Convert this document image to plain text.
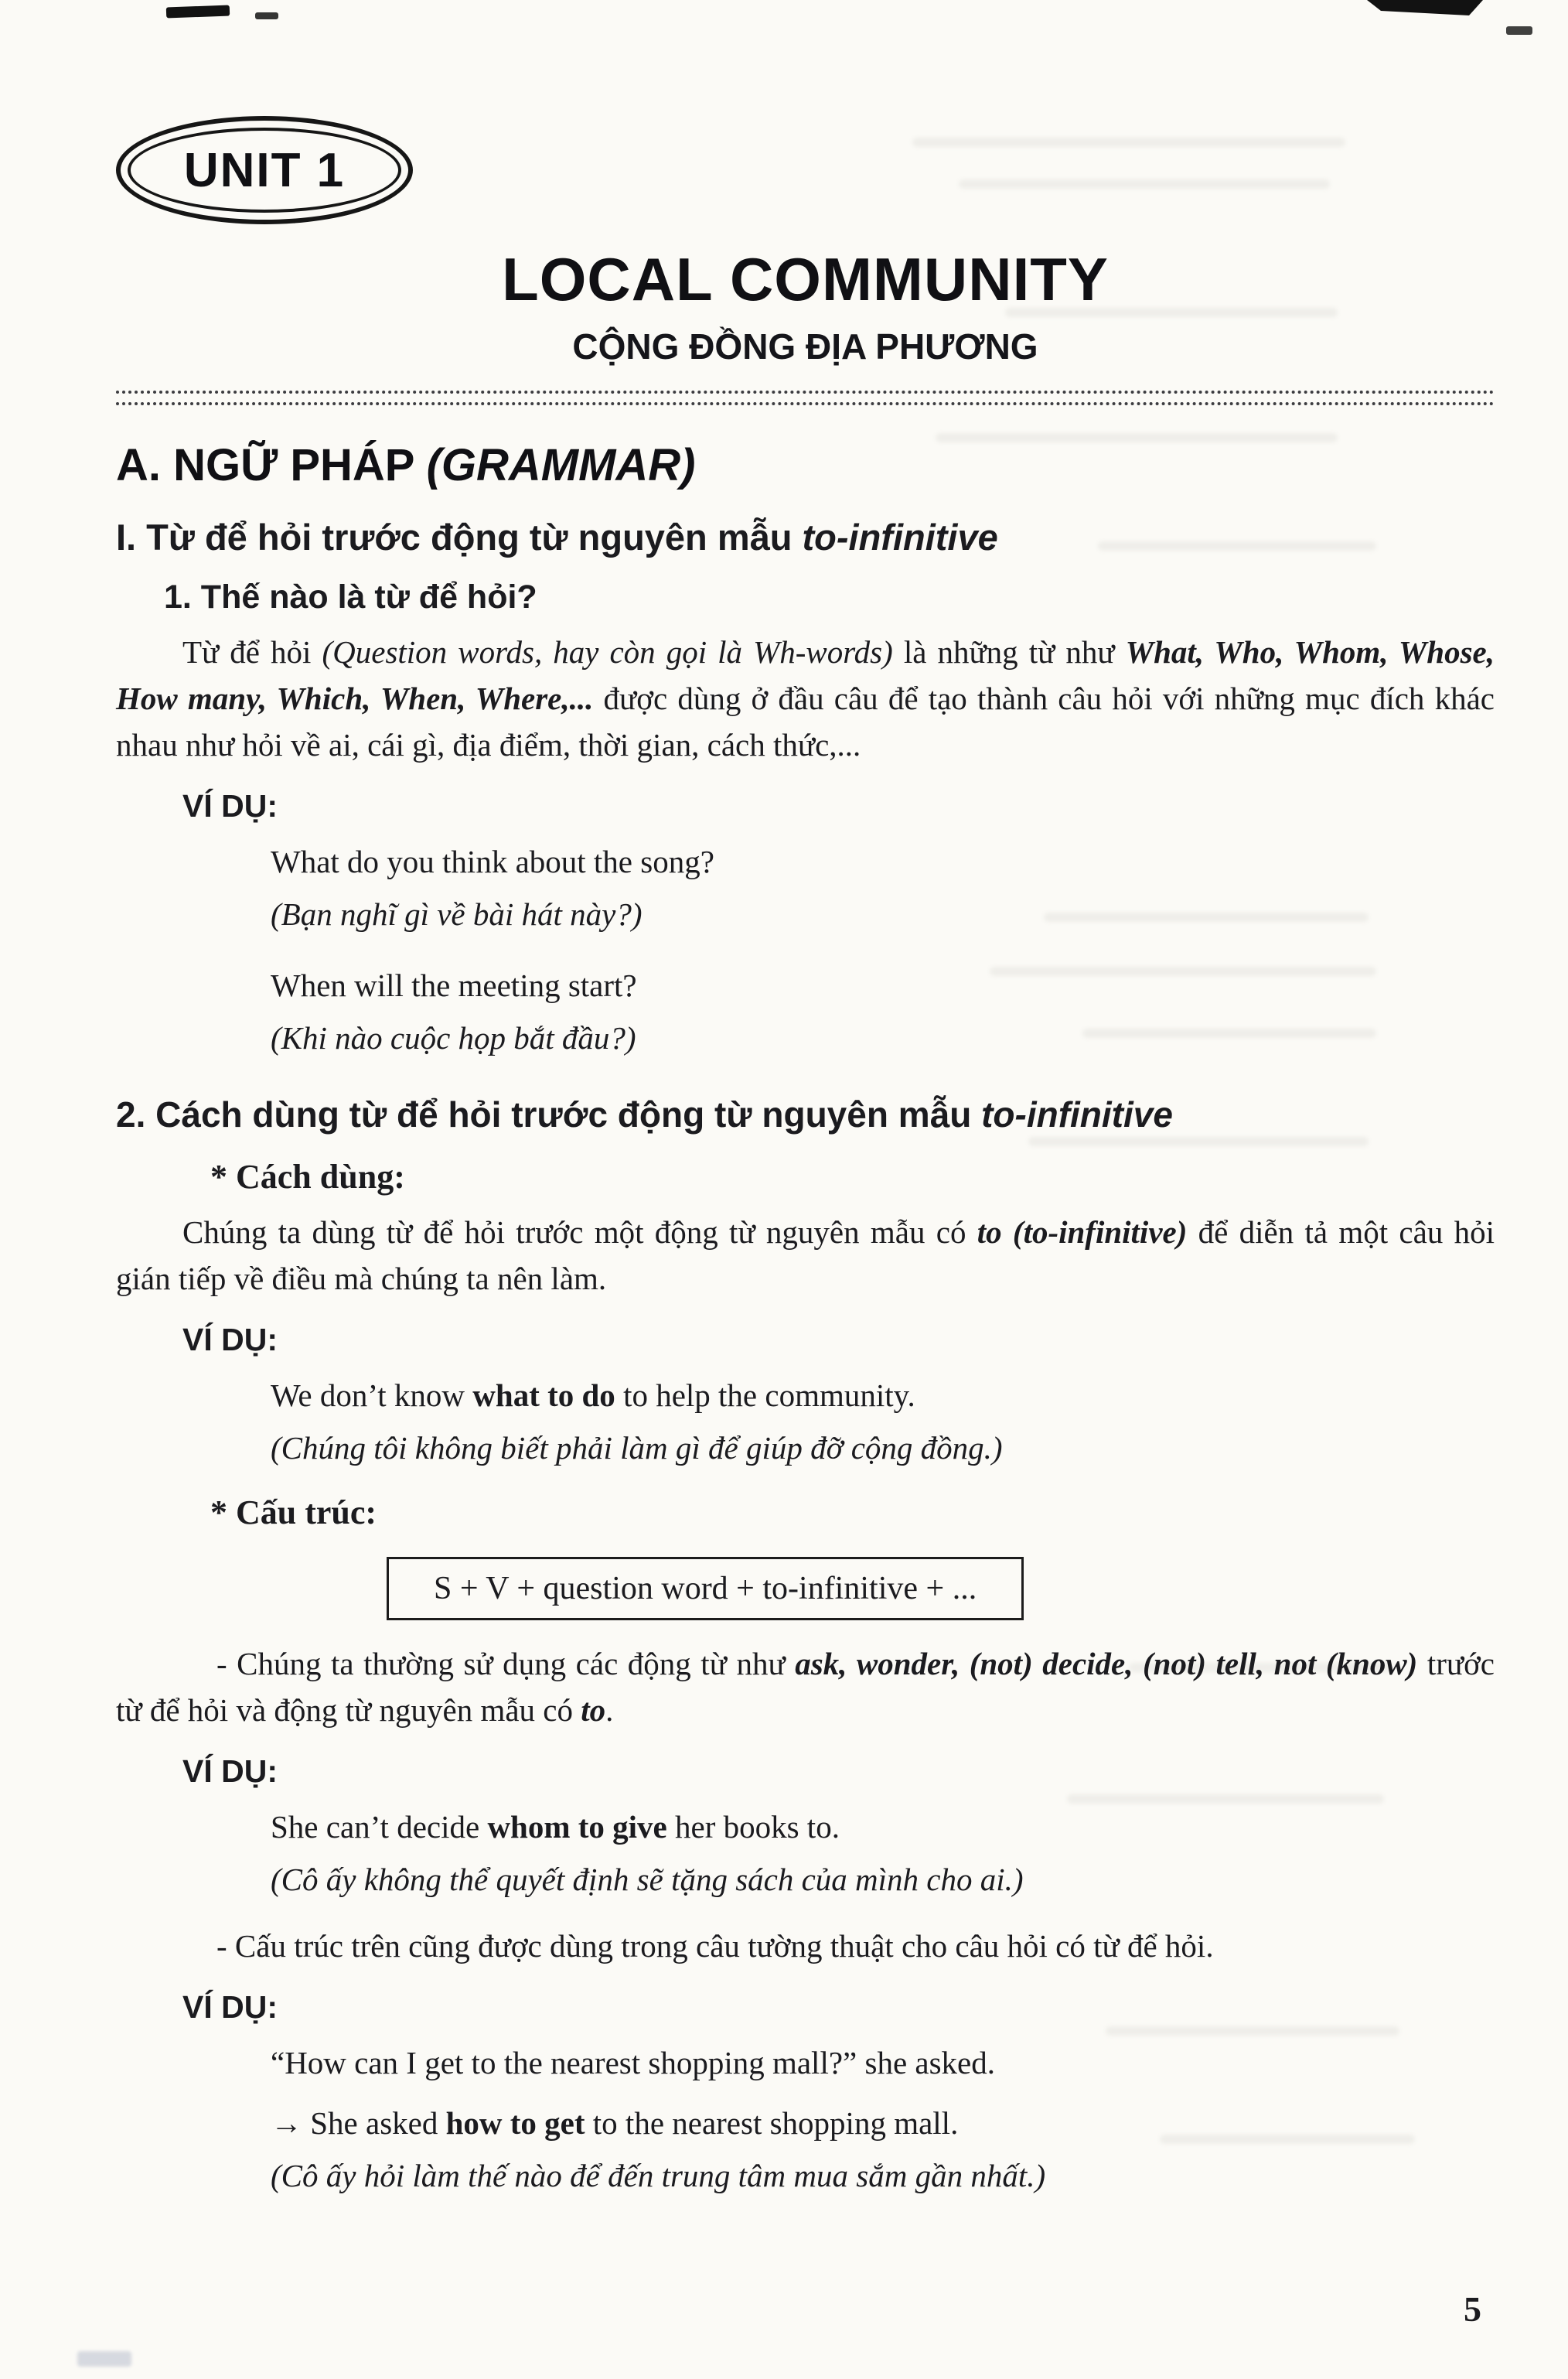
UNIT 1
LOCAL COMMUNITY
CỘNG ĐỒNG ĐỊA PHƯƠNG
A. NGỮ PHÁP (GRAMMAR)
I. Từ để hỏi trước động từ nguyên mẫu to-infinitive
1. Thế nào là từ để hỏi?

Từ để hỏi (Question words, hay còn gọi là Wh-words) là những từ như What, Who, Whom, Whose, How many, Which, When, Where,... được dùng ở đầu câu để tạo thành câu hỏi với những mục đích khác nhau như hỏi về ai, cái gì, địa điểm, thời gian, cách thức,...

VÍ DỤ:
What do you think about the song?
(Bạn nghĩ gì về bài hát này?)
When will the meeting start?
(Khi nào cuộc họp bắt đầu?)
2. Cách dùng từ để hỏi trước động từ nguyên mẫu to-infinitive
* Cách dùng:

Chúng ta dùng từ để hỏi trước một động từ nguyên mẫu có to (to-infinitive) để diễn tả một câu hỏi gián tiếp về điều mà chúng ta nên làm.

VÍ DỤ:
We don’t know what to do to help the community.
(Chúng tôi không biết phải làm gì để giúp đỡ cộng đồng.)
* Cấu trúc:
S + V + question word + to-infinitive + ...

- Chúng ta thường sử dụng các động từ như ask, wonder, (not) decide, (not) tell, not (know) trước từ để hỏi và động từ nguyên mẫu có to.

VÍ DỤ:
She can’t decide whom to give her books to.
(Cô ấy không thể quyết định sẽ tặng sách của mình cho ai.)

- Cấu trúc trên cũng được dùng trong câu tường thuật cho câu hỏi có từ để hỏi.

VÍ DỤ:
“How can I get to the nearest shopping mall?” she asked.
→ She asked how to get to the nearest shopping mall.
(Cô ấy hỏi làm thế nào để đến trung tâm mua sắm gần nhất.)
5
